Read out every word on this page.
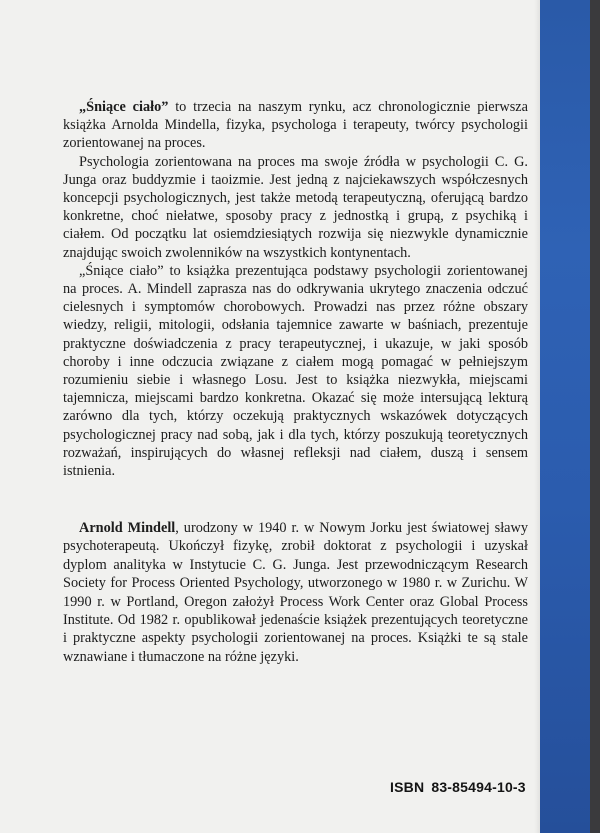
„Śniące ciało” to trzecia na naszym rynku, acz chronologicznie pierwsza książka Arnolda Mindella, fizyka, psychologa i terapeuty, twórcy psychologii zorientowanej na proces.

Psychologia zorientowana na proces ma swoje źródła w psychologii C. G. Junga oraz buddyzmie i taoizmie. Jest jedną z najciekawszych współczesnych koncepcji psychologicznych, jest także metodą terapeutyczną, oferującą bardzo konkretne, choć niełatwe, sposoby pracy z jednostką i grupą, z psychiką i ciałem. Od początku lat osiemdziesiątych rozwija się niezwykle dynamicznie znajdując swoich zwolenników na wszystkich kontynentach.

„Śniące ciało” to książka prezentująca podstawy psychologii zorientowanej na proces. A. Mindell zaprasza nas do odkrywania ukrytego znaczenia odczuć cielesnych i symptomów chorobowych. Prowadzi nas przez różne obszary wiedzy, religii, mitologii, odsłania tajemnice zawarte w baśniach, prezentuje praktyczne doświadczenia z pracy terapeutycznej, i ukazuje, w jaki sposób choroby i inne odczucia związane z ciałem mogą pomagać w pełniejszym rozumieniu siebie i własnego Losu. Jest to książka niezwykła, miejscami tajemnicza, miejscami bardzo konkretna. Okazać się może intersującą lekturą zarówno dla tych, którzy oczekują praktycznych wskazówek dotyczących psychologicznej pracy nad sobą, jak i dla tych, którzy poszukują teoretycznych rozważań, inspirujących do własnej refleksji nad ciałem, duszą i sensem istnienia.

Arnold Mindell, urodzony w 1940 r. w Nowym Jorku jest światowej sławy psychoterapeutą. Ukończył fizykę, zrobił doktorat z psychologii i uzyskał dyplom analityka w Instytucie C. G. Junga. Jest przewodniczącym Research Society for Process Oriented Psychology, utworzonego w 1980 r. w Zurichu. W 1990 r. w Portland, Oregon założył Process Work Center oraz Global Process Institute. Od 1982 r. opublikował jedenaście książek prezentujących teoretyczne i praktyczne aspekty psychologii zorientowanej na proces. Książki te są stale wznawiane i tłumaczone na różne języki.

ISBN 83-85494-10-3
